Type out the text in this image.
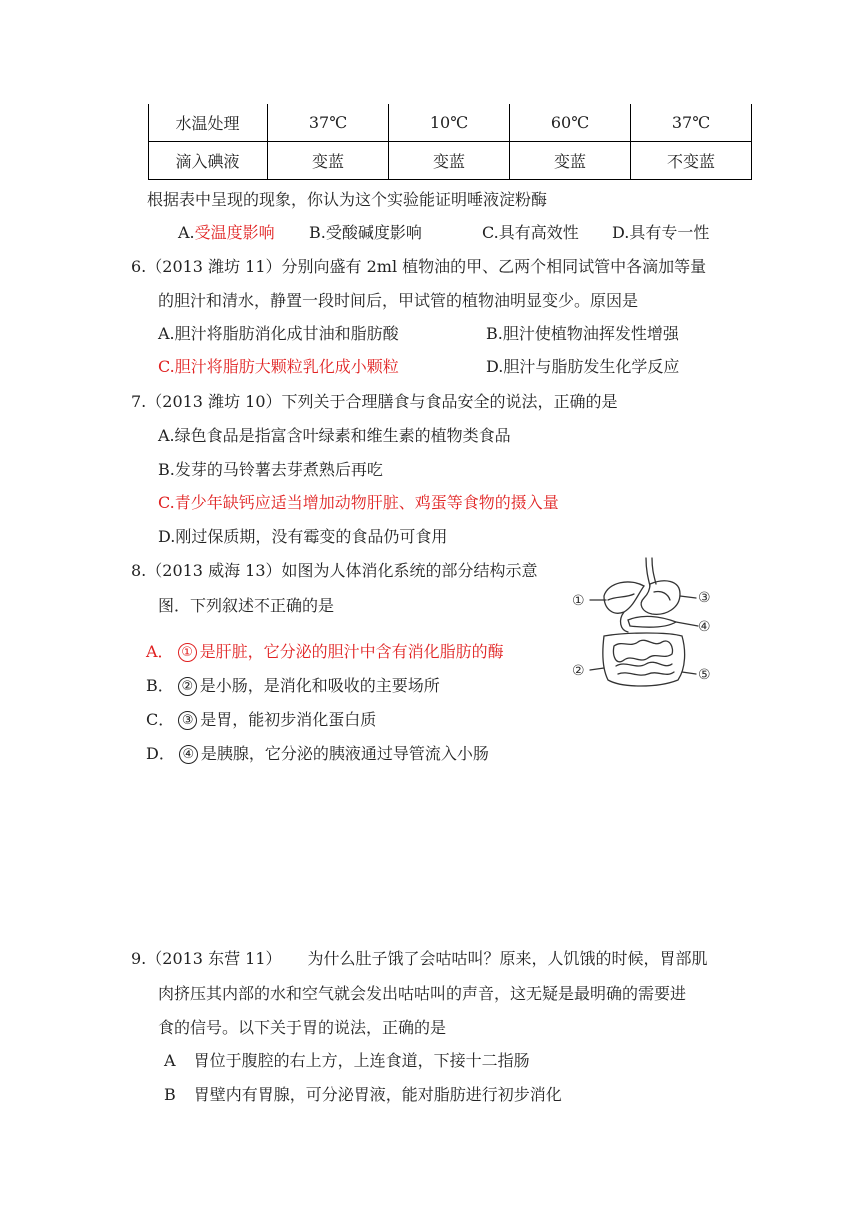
水温处理	37℃	10℃	60℃	37℃
滴入碘液	变蓝	变蓝	变蓝	不变蓝
根据表中呈现的现象，你认为这个实验能证明唾液淀粉酶
A.受温度影响 B.受酸碱度影响	C.具有高效性 D.具有专一性
6.（2013 潍坊 11）分别向盛有 2ml 植物油的甲、乙两个相同试管中各滴加等量
的胆汁和清水，静置一段时间后，甲试管的植物油明显变少。原因是
A.胆汁将脂肪消化成甘油和脂肪酸	B.胆汁使植物油挥发性增强
C.胆汁将脂肪大颗粒乳化成小颗粒	D.胆汁与脂肪发生化学反应
7.（2013 潍坊 10）下列关于合理膳食与食品安全的说法，正确的是
A.绿色食品是指富含叶绿素和维生素的植物类食品
B.发芽的马铃薯去芽煮熟后再吃
C.青少年缺钙应适当增加动物肝脏、鸡蛋等食物的摄入量
D.刚过保质期，没有霉变的食品仍可食用
8.（2013 威海 13）如图为人体消化系统的部分结构示意
图．下列叙述不正确的是
A． ① 是肝脏，它分泌的胆汁中含有消化脂肪的酶
B． ② 是小肠，是消化和吸收的主要场所
C． ③ 是胃，能初步消化蛋白质
D． ④ 是胰腺，它分泌的胰液通过导管流入小肠
①
②
③
④
⑤
9.（2013 东营 11） 为什么肚子饿了会咕咕叫？原来，人饥饿的时候，胃部肌
肉挤压其内部的水和空气就会发出咕咕叫的声音，这无疑是最明确的需要进
食的信号。以下关于胃的说法，正确的是
A 胃位于腹腔的右上方，上连食道，下接十二指肠
B 胃壁内有胃腺，可分泌胃液，能对脂肪进行初步消化
